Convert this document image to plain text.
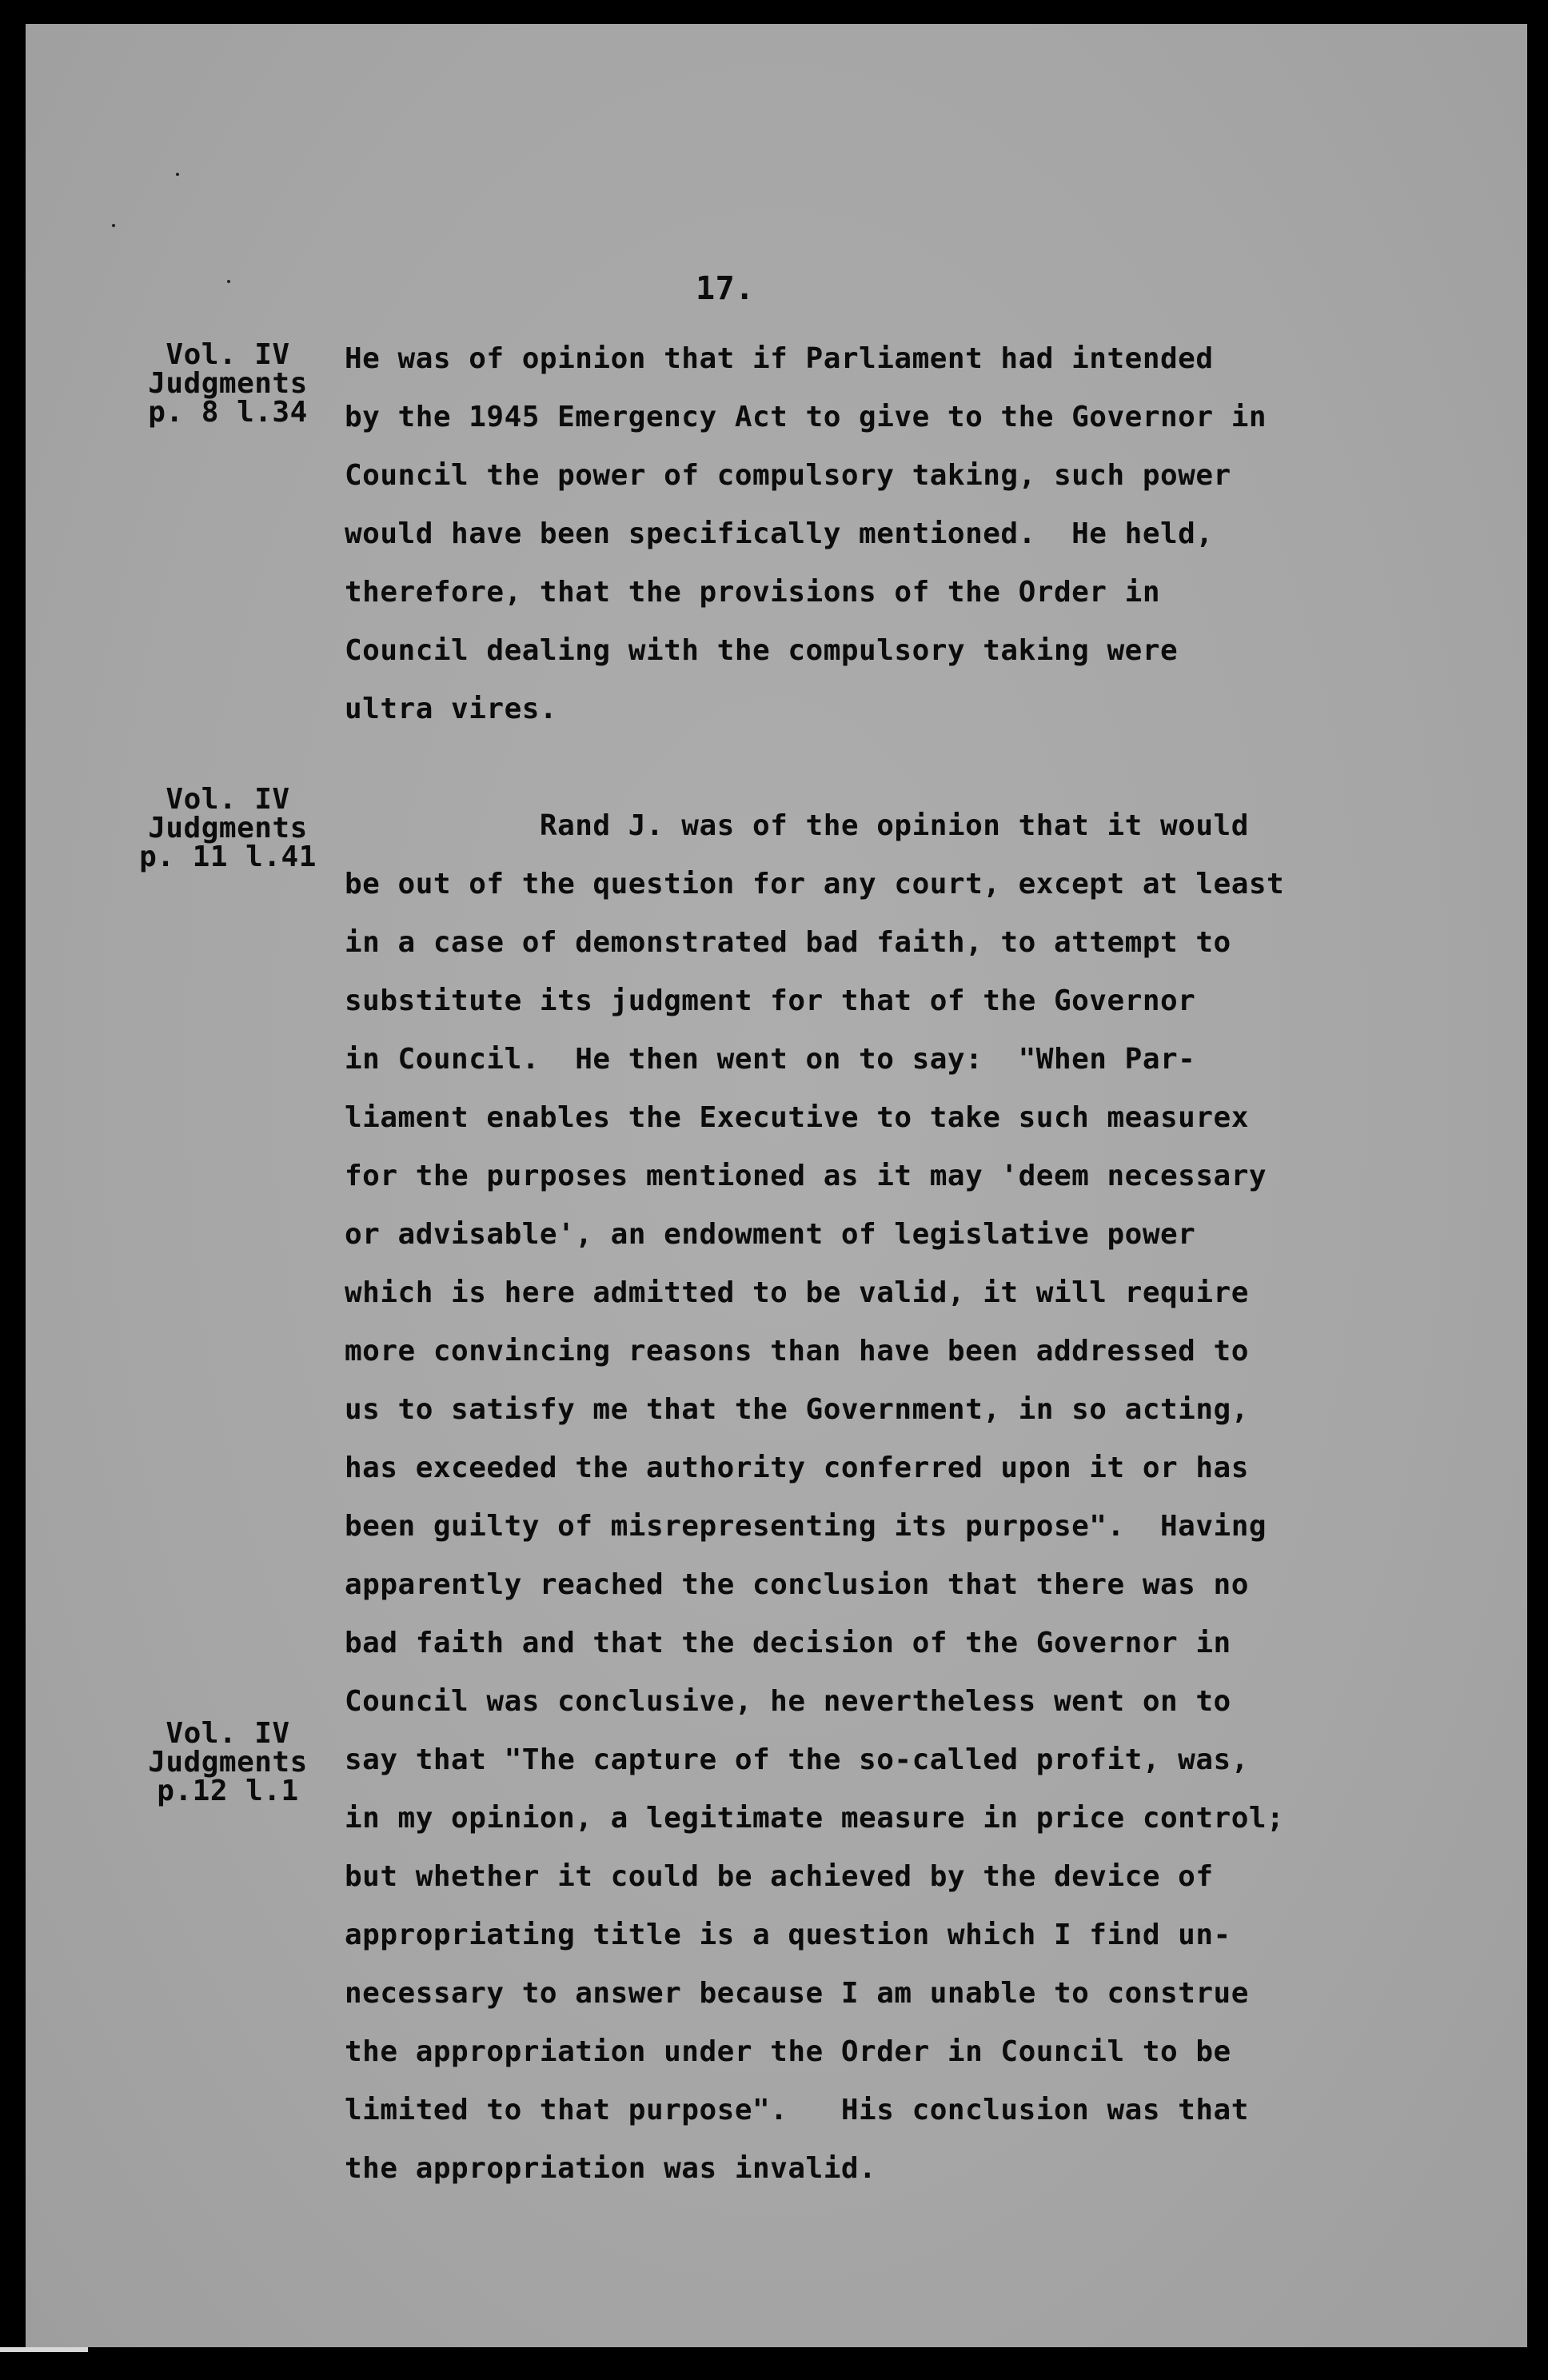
17.

Vol. IV
Judgments
p. 8 l.34
Vol. IV
Judgments
p. 11 l.41
Vol. IV
Judgments
p.12 l.1
He was of opinion that if Parliament had intended
by the 1945 Emergency Act to give to the Governor in
Council the power of compulsory taking, such power
would have been specifically mentioned.  He held,
therefore, that the provisions of the Order in
Council dealing with the compulsory taking were
ultra vires.
Rand J. was of the opinion that it would
be out of the question for any court, except at least
in a case of demonstrated bad faith, to attempt to
substitute its judgment for that of the Governor
in Council.  He then went on to say:  "When Par-
liament enables the Executive to take such measurex
for the purposes mentioned as it may 'deem necessary
or advisable', an endowment of legislative power
which is here admitted to be valid, it will require
more convincing reasons than have been addressed to
us to satisfy me that the Government, in so acting,
has exceeded the authority conferred upon it or has
been guilty of misrepresenting its purpose".  Having
apparently reached the conclusion that there was no
bad faith and that the decision of the Governor in
Council was conclusive, he nevertheless went on to
say that "The capture of the so-called profit, was,
in my opinion, a legitimate measure in price control;
but whether it could be achieved by the device of
appropriating title is a question which I find un-
necessary to answer because I am unable to construe
the appropriation under the Order in Council to be
limited to that purpose".   His conclusion was that
the appropriation was invalid.
